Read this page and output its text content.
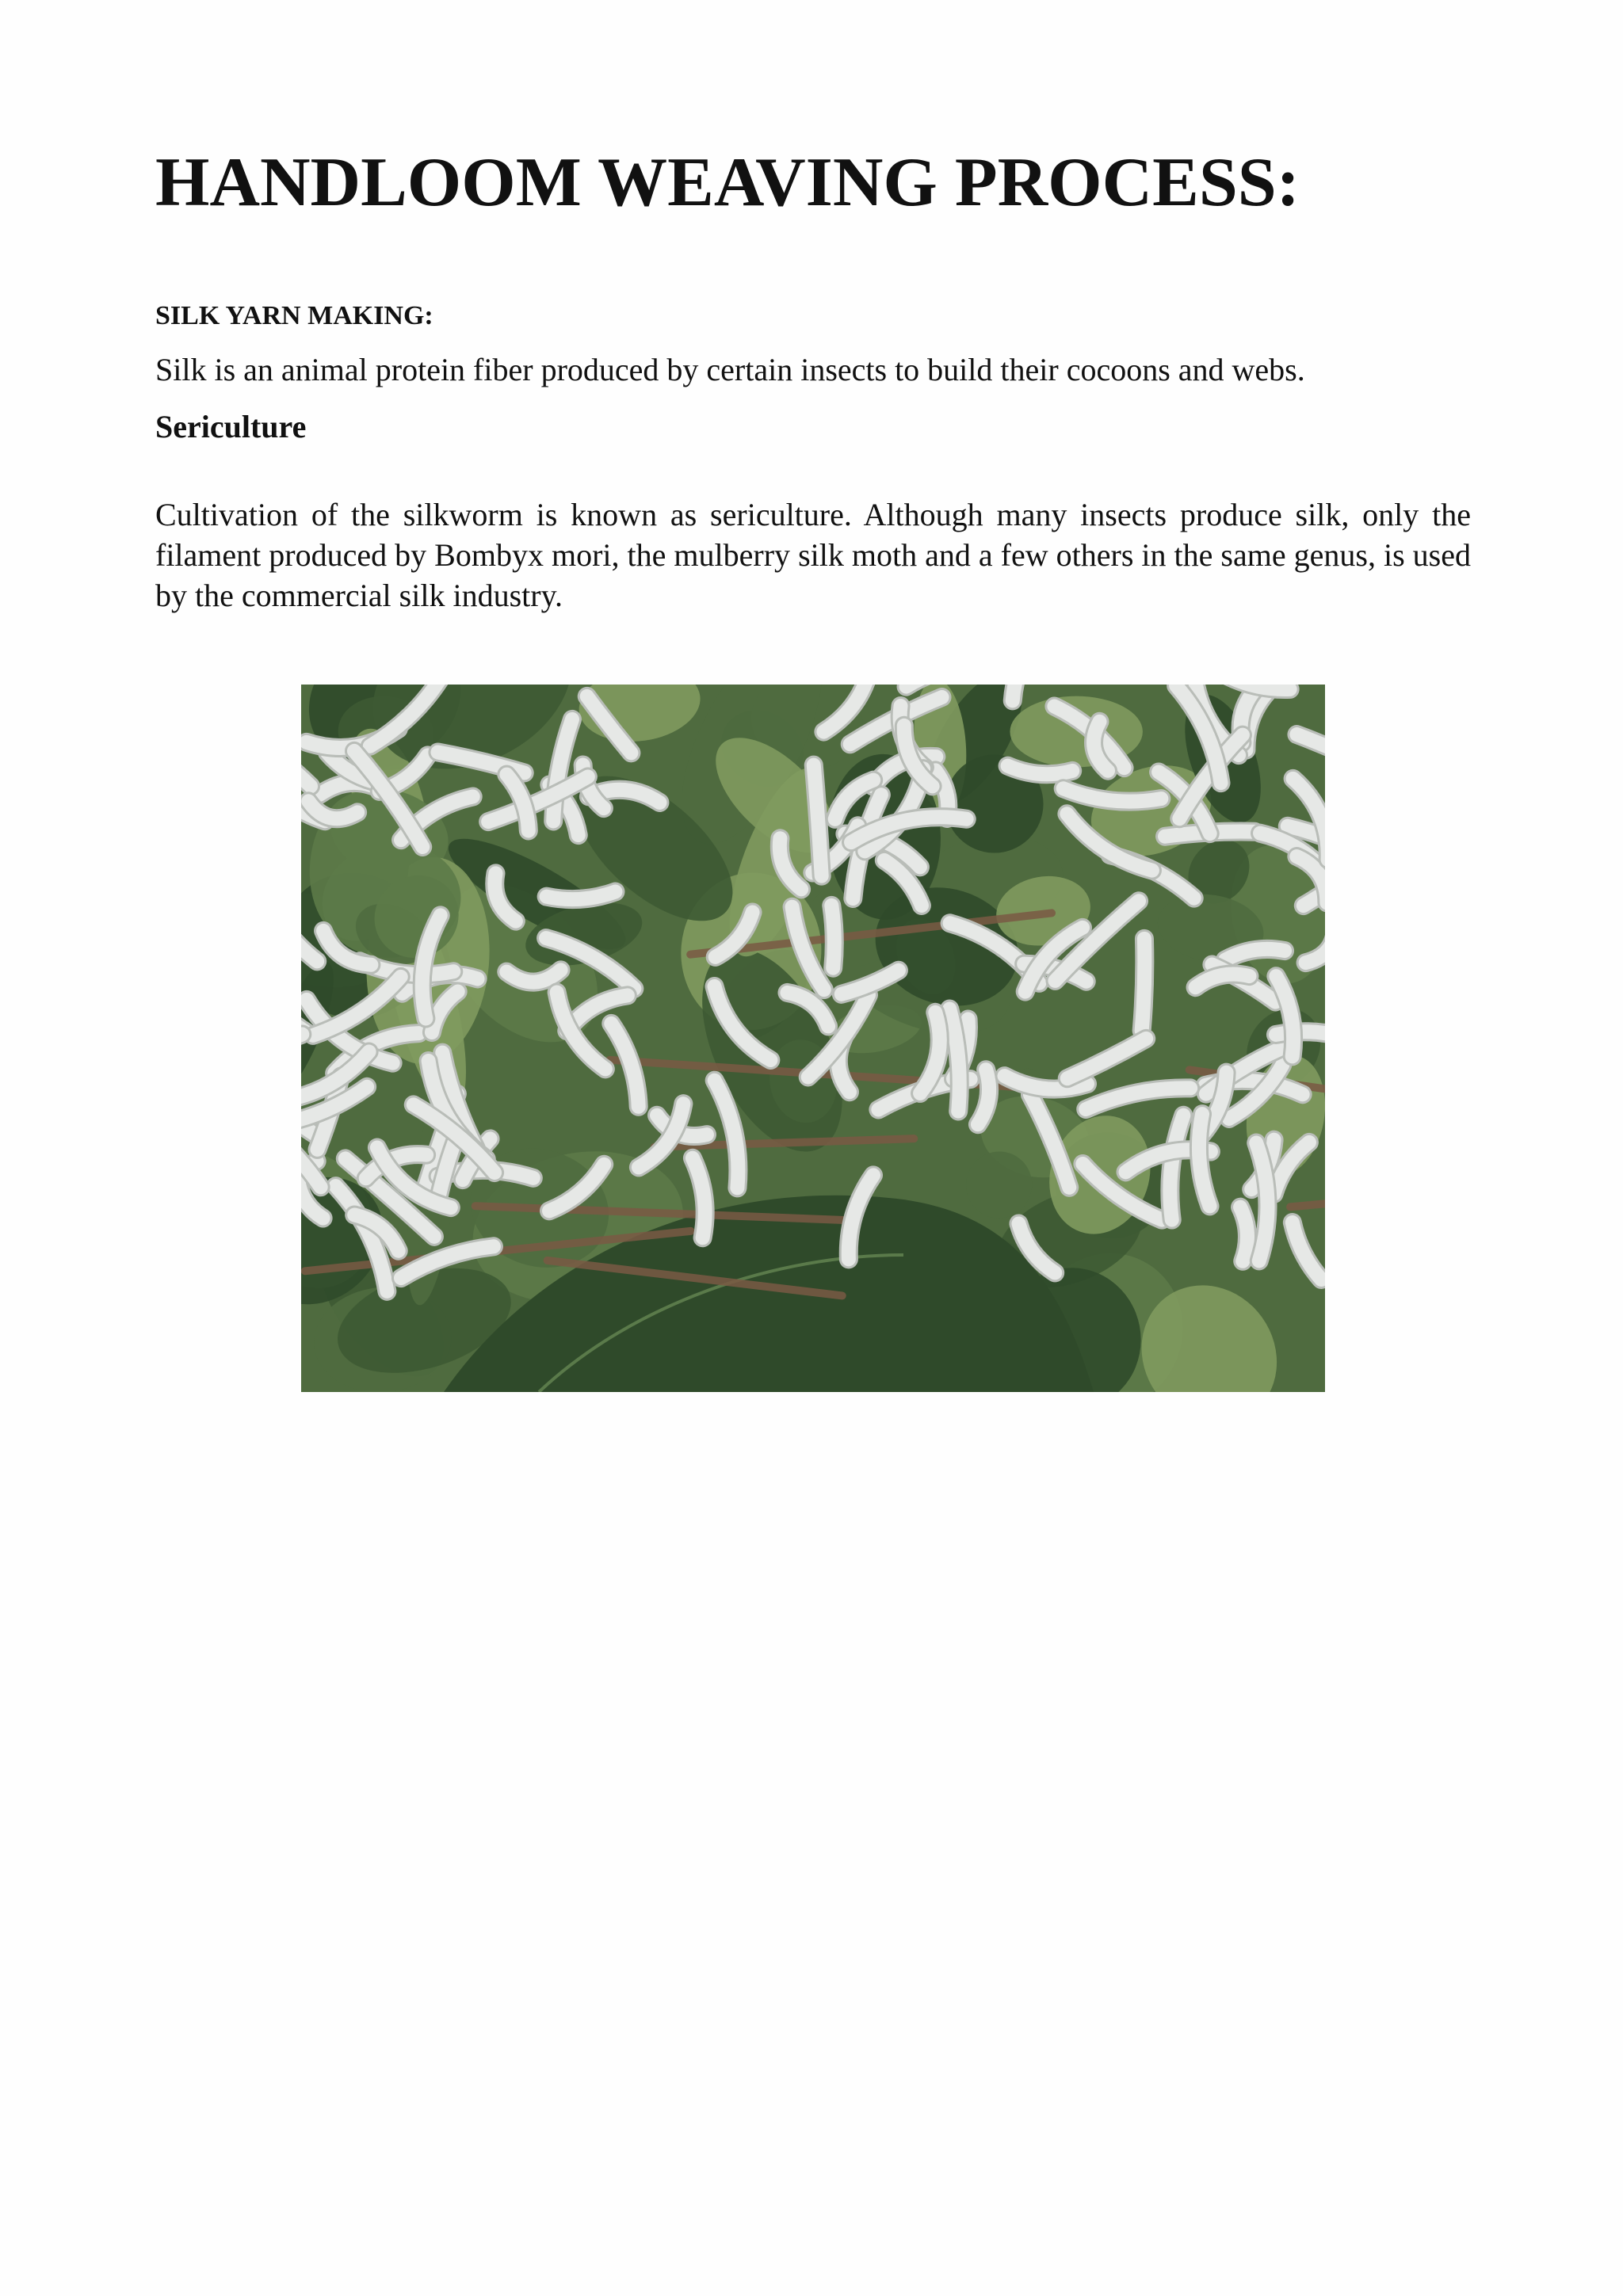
HANDLOOM WEAVING PROCESS:
SILK YARN MAKING:

Silk is an animal protein fiber produced by certain insects to build their cocoons and webs.

Sericulture

Cultivation of the silkworm is known as sericulture. Although many insects produce silk, only the filament produced by Bombyx mori, the mulberry silk moth and a few others in the same genus, is used by the commercial silk industry.
